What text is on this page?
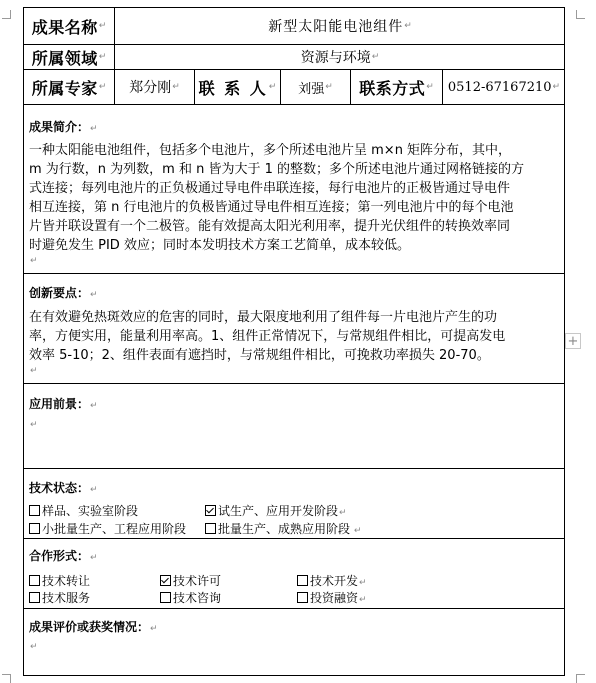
成果名称 ↵	新型太阳能电池组件 ↵
所属领域 ↵	资源与环境 ↵
所属专家 ↵ 郑分刚 ↵ 联 系 人 ↵ 刘强 ↵ 联系方式 ↵ 0512-67167210 ↵
成果简介：↵
一种太阳能电池组件，包括多个电池片，多个所述电池片呈 m×n 矩阵分布，其中，
m 为行数，n 为列数，m 和 n 皆为大于 1 的整数；多个所述电池片通过网格链接的方
式连接；每列电池片的正负极通过导电件串联连接，每行电池片的正极皆通过导电件
相互连接，第 n 行电池片的负极皆通过导电件相互连接；第一列电池片中的每个电池
片皆并联设置有一个二极管。能有效提高太阳光利用率，提升光伏组件的转换效率同
时避免发生 PID 效应；同时本发明技术方案工艺简单，成本较低。
↵
创新要点：↵
在有效避免热斑效应的危害的同时，最大限度地利用了组件每一片电池片产生的功
率，方便实用，能量利用率高。1、组件正常情况下，与常规组件相比，可提高发电
效率 5-10；2、组件表面有遮挡时，与常规组件相比，可挽救功率损失 20-70。
↵
应用前景：↵
↵
技术状态：↵
样品、实验室阶段	试生产、应用开发阶段↵
小批量生产、工程应用阶段	批量生产、成熟应用阶段 ↵
合作形式：↵
技术转让	技术许可	技术开发↵
技术服务	技术咨询	投资融资↵
成果评价或获奖情况：↵
↵
+
